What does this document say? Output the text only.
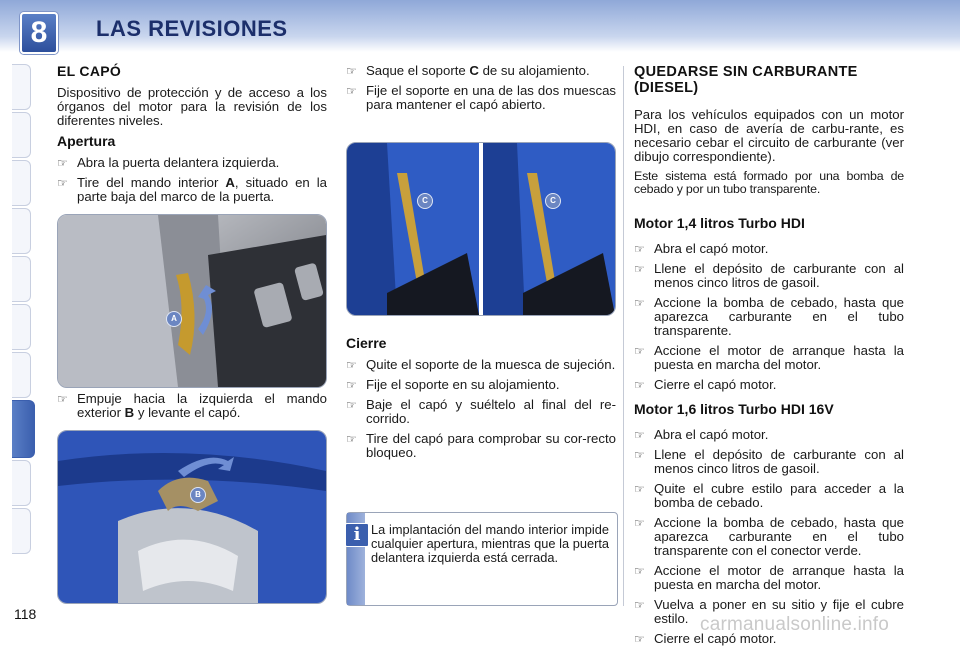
8	LAS REVISIONES
EL CAPÓ

Dispositivo de protección y de acceso a los órganos del motor para la revisión de los diferentes niveles.

Apertura
☞ Abra la puerta delantera izquierda.
☞ Tire del mando interior A, situado en la parte baja del marco de la puerta.
A
☞ Empuje hacia la izquierda el mando exterior B y levante el capó.
B
☞ Saque el soporte C de su alojamiento.
☞ Fije el soporte en una de las dos muescas para mantener el capó abierto.
C	C
Cierre
☞ Quite el soporte de la muesca de sujeción.
☞ Fije el soporte en su alojamiento.
☞ Baje el capó y suéltelo al final del re-corrido.
☞ Tire del capó para comprobar su cor-recto bloqueo.
i La implantación del mando interior impide cualquier apertura, mientras que la puerta delantera izquierda está cerrada.
QUEDARSE SIN CARBURANTE (DIESEL)

Para los vehículos equipados con un motor HDI, en caso de avería de carbu-rante, es necesario cebar el circuito de carburante (ver dibujo correspondiente).

Este sistema está formado por una bomba de cebado y por un tubo transparente.

Motor 1,4 litros Turbo HDI
☞ Abra el capó motor.
☞ Llene el depósito de carburante con al menos cinco litros de gasoil.
☞ Accione la bomba de cebado, hasta que aparezca carburante en el tubo transparente.
☞ Accione el motor de arranque hasta la puesta en marcha del motor.
☞ Cierre el capó motor.
Motor 1,6 litros Turbo HDI 16V
☞ Abra el capó motor.
☞ Llene el depósito de carburante con al menos cinco litros de gasoil.
☞ Quite el cubre estilo para acceder a la bomba de cebado.
☞ Accione la bomba de cebado, hasta que aparezca carburante en el tubo transparente con el conector verde.
☞ Accione el motor de arranque hasta la puesta en marcha del motor.
☞ Vuelva a poner en su sitio y fije el cubre estilo.
☞ Cierre el capó motor.
118	carmanualsonline.info
